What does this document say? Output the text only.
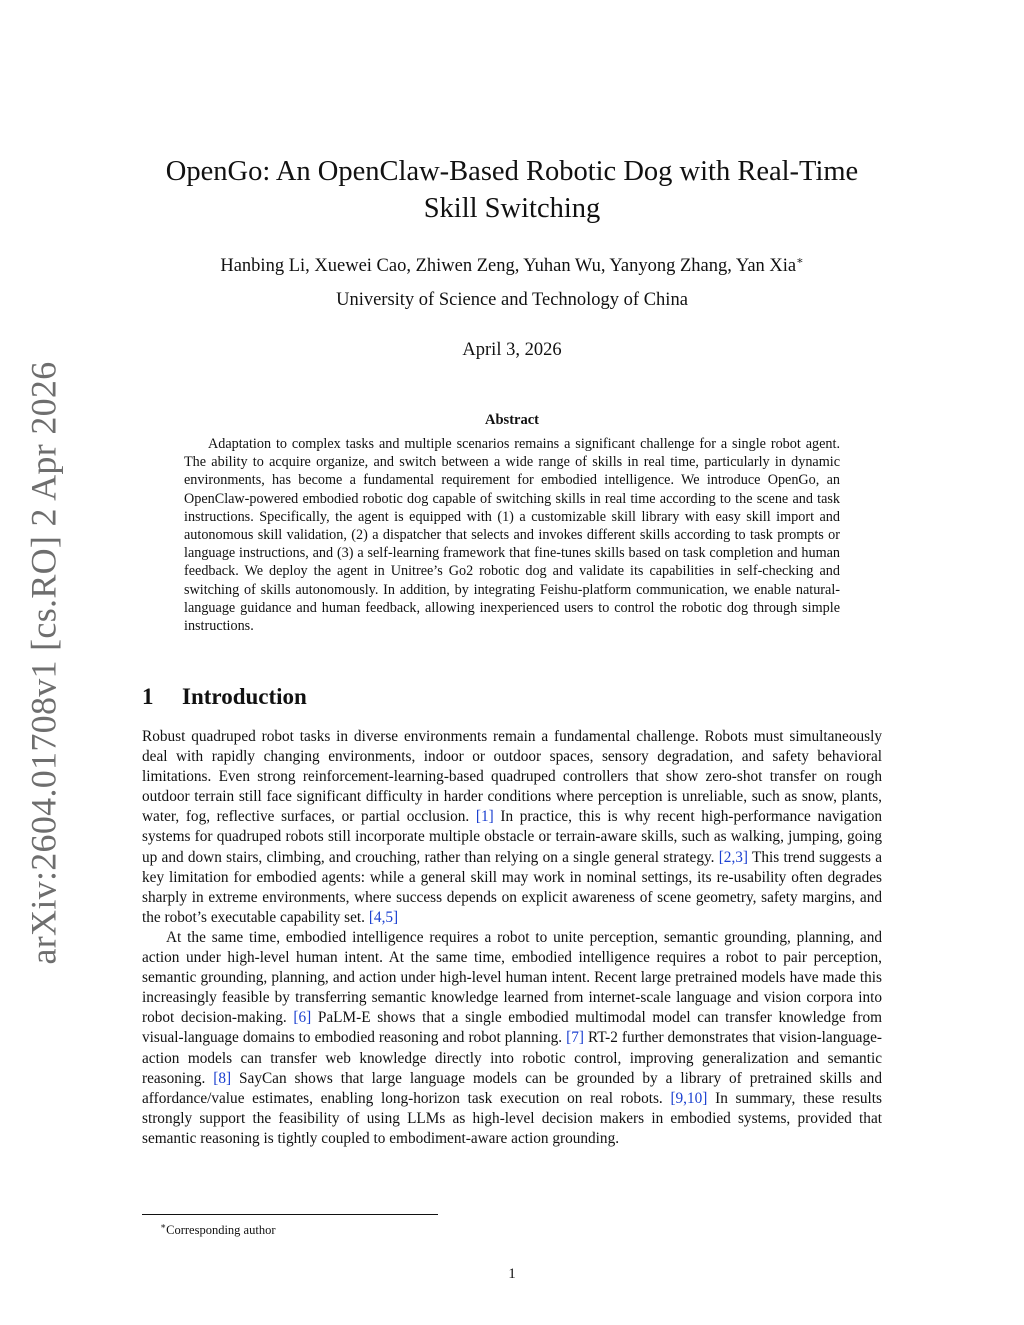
arXiv:2604.01708v1 [cs.RO] 2 Apr 2026
OpenGo: An OpenClaw-Based Robotic Dog with Real-Time Skill Switching
Hanbing Li, Xuewei Cao, Zhiwen Zeng, Yuhan Wu, Yanyong Zhang, Yan Xia∗
University of Science and Technology of China
April 3, 2026
Abstract

Adaptation to complex tasks and multiple scenarios remains a significant challenge for a single robot agent. The ability to acquire organize, and switch between a wide range of skills in real time, particularly in dynamic environments, has become a fundamental requirement for embodied intelligence. We introduce OpenGo, an OpenClaw-powered embodied robotic dog capable of switching skills in real time according to the scene and task instructions. Specifically, the agent is equipped with (1) a customizable skill library with easy skill import and autonomous skill validation, (2) a dispatcher that selects and invokes different skills according to task prompts or language instructions, and (3) a self-learning framework that fine-tunes skills based on task completion and human feedback. We deploy the agent in Unitree’s Go2 robotic dog and validate its capabilities in self-checking and switching of skills autonomously. In addition, by integrating Feishu-platform communication, we enable natural-language guidance and human feedback, allowing inexperienced users to control the robotic dog through simple instructions.

1 Introduction

Robust quadruped robot tasks in diverse environments remain a fundamental challenge. Robots must simultaneously deal with rapidly changing environments, indoor or outdoor spaces, sensory degradation, and safety behavioral limitations. Even strong reinforcement-learning-based quadruped controllers that show zero-shot transfer on rough outdoor terrain still face significant difficulty in harder conditions where perception is unreliable, such as snow, plants, water, fog, reflective surfaces, or partial occlusion. [1] In practice, this is why recent high-performance navigation systems for quadruped robots still incorporate multiple obstacle or terrain-aware skills, such as walking, jumping, going up and down stairs, climbing, and crouching, rather than relying on a single general strategy. [2,3] This trend suggests a key limitation for embodied agents: while a general skill may work in nominal settings, its re-usability often degrades sharply in extreme environments, where success depends on explicit awareness of scene geometry, safety margins, and the robot’s executable capability set. [4,5]

At the same time, embodied intelligence requires a robot to unite perception, semantic grounding, planning, and action under high-level human intent. At the same time, embodied intelligence requires a robot to pair perception, semantic grounding, planning, and action under high-level human intent. Recent large pretrained models have made this increasingly feasible by transferring semantic knowledge learned from internet-scale language and vision corpora into robot decision-making. [6] PaLM-E shows that a single embodied multimodal model can transfer knowledge from visual-language domains to embodied reasoning and robot planning. [7] RT-2 further demonstrates that vision-language-action models can transfer web knowledge directly into robotic control, improving generalization and semantic reasoning. [8] SayCan shows that large language models can be grounded by a library of pretrained skills and affordance/value estimates, enabling long-horizon task execution on real robots. [9,10] In summary, these results strongly support the feasibility of using LLMs as high-level decision makers in embodied systems, provided that semantic reasoning is tightly coupled to embodiment-aware action grounding.

∗Corresponding author
1
